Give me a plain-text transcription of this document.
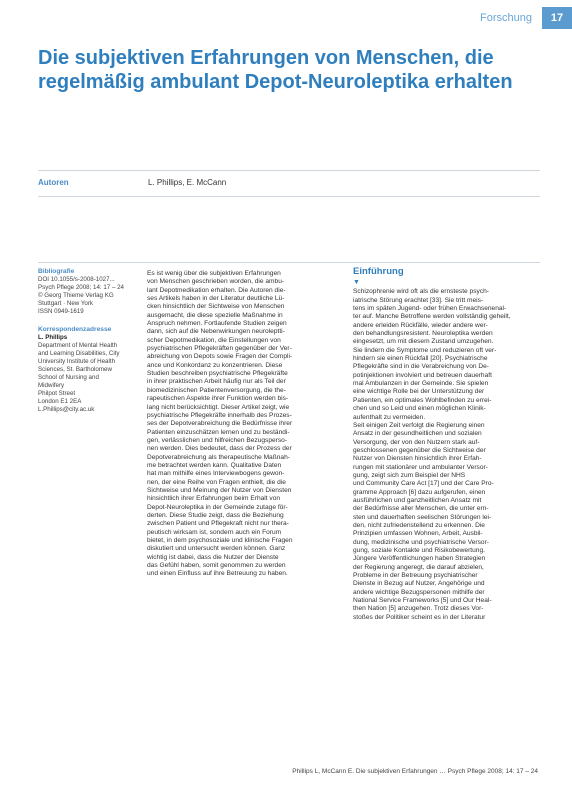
Forschung	17
Die subjektiven Erfahrungen von Menschen, die regelmäßig ambulant Depot-Neuroleptika erhalten
Autoren	L. Phillips, E. McCann
Bibliografie
DOI 10.1055/s-2008-1027...
Psych Pflege 2008; 14: 17 – 24
© Georg Thieme Verlag KG
Stuttgart · New York
ISSN 0949-1619
Korrespondenzadresse
L. Phillips
Department of Mental Health
and Learning Disabilities, City
University Institute of Health
Sciences, St. Bartholomew
School of Nursing and
Midwifery
Philpot Street
London E1 2EA
L.Phillips@city.ac.uk
Es ist wenig über die subjektiven Erfahrungen
von Menschen geschrieben worden, die ambu-
lant Depotmedikation erhalten. Die Autoren die-
ses Artikels haben in der Literatur deutliche Lü-
cken hinsichtlich der Sichtweise von Menschen
ausgemacht, die diese spezielle Maßnahme in
Anspruch nehmen. Fortlaufende Studien zeigen
dann, sich auf die Nebenwirkungen neuroleptti-
scher Depotmedikation, die Einstellungen von
psychiatrischen Pflegekräften gegenüber der Ver-
abreichung von Depots sowie Fragen der Compli-
ance und Konkordanz zu konzentrieren. Diese
Studien beschreiben psychiatrische Pflegekräfte
in ihrer praktischen Arbeit häufig nur als Teil der
biomedizinischen Patientenversorgung, die the-
rapeutischen Aspekte ihrer Funktion werden bis-
lang nicht berücksichtigt. Dieser Artikel zeigt, wie
psychiatrische Pflegekräfte innerhalb des Prozes-
ses der Depotverabreichung die Bedürfnisse ihrer
Patienten einzuschätzen lernen und zu beständi-
gen, verlässlichen und hilfreichen Bezugsperso-
nen werden. Dies bedeutet, dass der Prozess der
Depotverabreichung als therapeutische Maßnah-
me betrachtet werden kann. Qualitative Daten
hat man mithilfe eines Interviewbogens gewon-
nen, der eine Reihe von Fragen enthielt, die die
Sichtweise und Meinung der Nutzer von Diensten
hinsichtlich ihrer Erfahrungen beim Erhalt von
Depot-Neuroleptika in der Gemeinde zutage för-
derten. Diese Studie zeigt, dass die Beziehung
zwischen Patient und Pflegekraft nicht nur thera-
peutisch wirksam ist, sondern auch ein Forum
bietet, in dem psychosoziale und klinische Fragen
diskutiert und untersucht werden können. Ganz
wichtig ist dabei, dass die Nutzer der Dienste
das Gefühl haben, somit genommen zu werden
und einen Einfluss auf ihre Betreuung zu haben.
Einführung
▼
Schizophrenie wird oft als die ernsteste psych-
iatrische Störung erachtet [33]. Sie tritt meis-
tens im späten Jugend- oder frühen Erwachsenenal-
ter auf. Manche Betroffene werden vollständig geheilt,
andere erleiden Rückfälle, wieder andere wer-
den behandlungsresistent. Neuroleptika werden
eingesetzt, um mit diesem Zustand umzugehen.
Sie lindern die Symptome und reduzieren oft ver-
hindern sie einen Rückfall [20]. Psychiatrische
Pflegekräfte sind in die Verabreichung von De-
potinjektionen involviert und betreuen dauerhaft
mal Ambulanzen in der Gemeinde. Sie spielen
eine wichtige Rolle bei der Unterstützung der
Patienten, ein optimales Wohlbefinden zu errei-
chen und so Leid und einen möglichen Klinik-
aufenthalt zu vermeiden.
Seit einigen Zeit verfolgt die Regierung einen
Ansatz in der gesundheitlichen und sozialen
Versorgung, der von den Nutzern stark auf-
geschlossenen gegenüber die Sichtweise der
Nutzer von Diensten hinsichtlich ihrer Erfah-
rungen mit stationärer und ambulanter Versor-
gung, zeigt sich zum Beispiel der NHS
und Community Care Act [17] und der Care Pro-
gramme Approach [6] dazu aufgerufen, einen
ausführlichen und ganzheitlichen Ansatz mit
der Bedürfnisse aller Menschen, die unter ern-
sten und dauerhaften seelischen Störungen lei-
den, nicht zufriedenstellend zu erkennen. Die
Prinzipien umfassen Wohnen, Arbeit, Ausbil-
dung, medizinische und psychiatrische Versor-
gung, soziale Kontakte und Risikobewertung.
Jüngere Veröffentlichungen haben Strategien
der Regierung angeregt, die darauf abzielen,
Probleme in der Betreuung psychiatrischer
Dienste in Bezug auf Nutzer, Angehörige und
andere wichtige Bezugspersonen mithilfe der
National Service Frameworks [5] und Our Heal-
then Nation [5] anzugehen. Trotz dieses Vor-
stoßes der Politiker scheint es in der Literatur
Phillips L, McCann E. Die subjektiven Erfahrungen … Psych Pflege 2008; 14: 17 – 24
